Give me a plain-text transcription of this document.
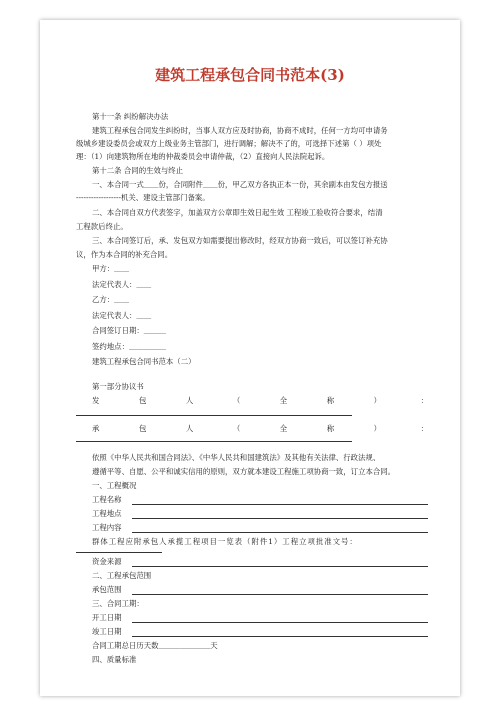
建筑工程承包合同书范本(3)
第十一条 纠纷解决办法
建筑工程承包合同发生纠纷时，当事人双方应及时协商，协商不成时，任何一方均可申请务
级城乡建设委员会或双方上级业务主管部门，进行调解；解决不了的，可选择下述第（ ）项处
理：（1）向建筑物所在地的仲裁委员会申请仲裁，（2）直接向人民法院起诉。
第十二条 合同的生效与终止
一、本合同一式＿＿份，合同附件＿＿份，甲乙双方各执正本一份，其余副本由发包方报送
------------------机关、建设主管部门备案。
二、本合同自双方代表签字，加盖双方公章即生效日起生效 工程竣工验收符合要求，结清
工程款后终止。
三、本合同签订后，承、发包双方如需要提出修改时，经双方协商一致后，可以签订补充协
议，作为本合同的补充合同。
甲方：＿＿
法定代表人：＿＿
乙方：＿＿
法定代表人：＿＿
合同签订日期：＿＿＿
签约地点：＿＿＿＿＿
建筑工程承包合同书范本（二）
第一部分协议书
发	包	人	（	全	称	）	：
承	包	人	（	全	称	）	：
依照《中华人民共和国合同法》、《中华人民共和国建筑法》及其他有关法律、行政法规、
遵循平等、自愿、公平和诚实信用的原则，双方就本建设工程施工项协商一致，订立本合同。
一、工程概况
工程名称
工程地点
工程内容
群体工程应附承包人承揽工程项目一览表（附件1）工程立项批准文号：
资金来源
二、工程承包范围
承包范围
三、合同工期：
开工日期
竣工日期
合同工期总日历天数＿＿＿＿＿＿＿天
四、质量标准
